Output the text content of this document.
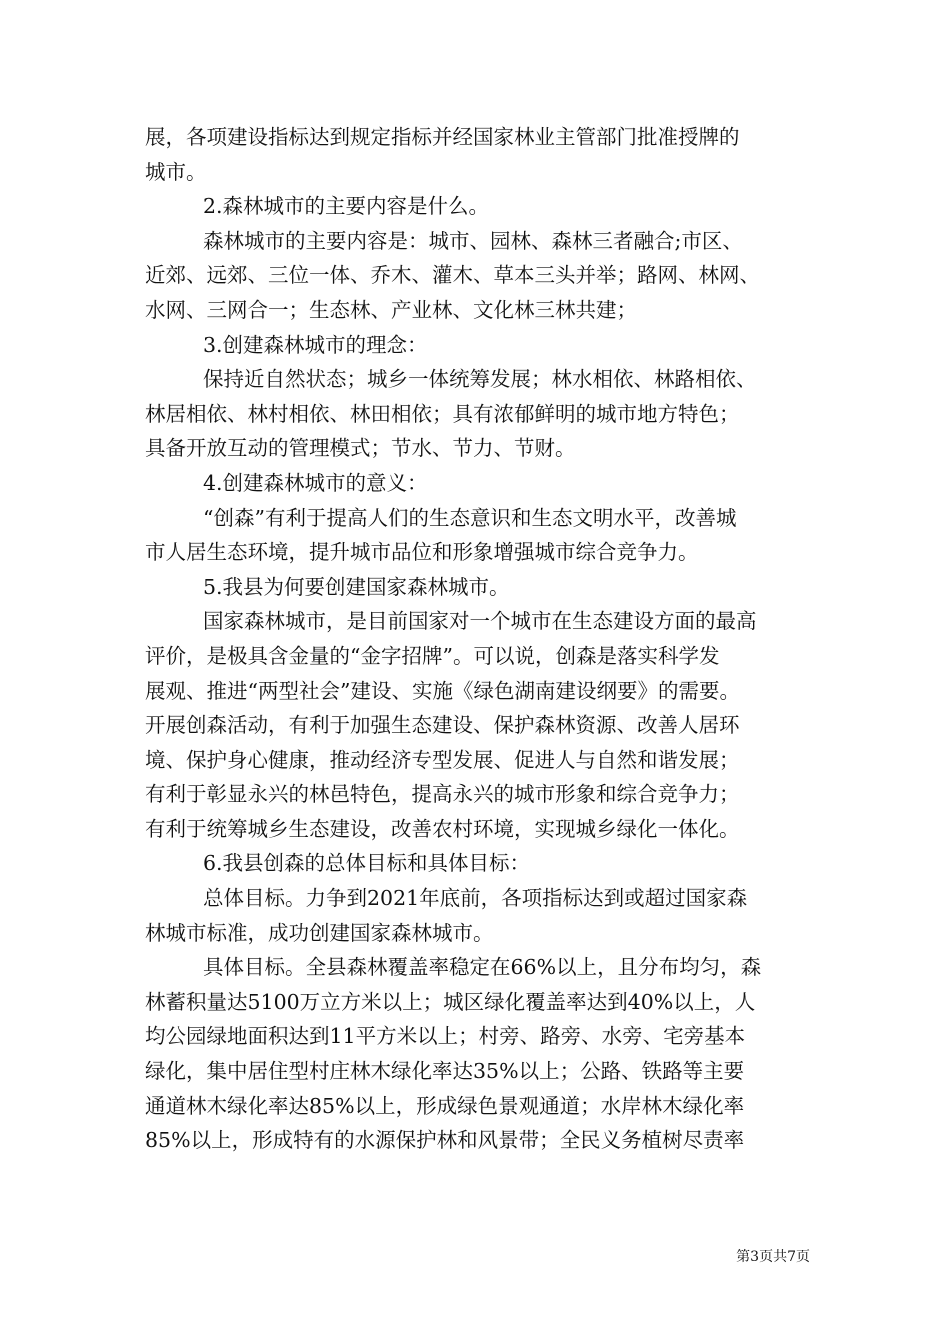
展，各项建设指标达到规定指标并经国家林业主管部门批准授牌的
城市。
2.森林城市的主要内容是什么。
森林城市的主要内容是：城市、园林、森林三者融合;市区、
近郊、远郊、三位一体、乔木、灌木、草本三头并举；路网、林网、
水网、三网合一；生态林、产业林、文化林三林共建；
3.创建森林城市的理念：
保持近自然状态；城乡一体统筹发展；林水相依、林路相依、
林居相依、林村相依、林田相依；具有浓郁鲜明的城市地方特色；
具备开放互动的管理模式；节水、节力、节财。
4.创建森林城市的意义：
“创森”有利于提高人们的生态意识和生态文明水平，改善城
市人居生态环境，提升城市品位和形象增强城市综合竞争力。
5.我县为何要创建国家森林城市。
国家森林城市，是目前国家对一个城市在生态建设方面的最高
评价，是极具含金量的“金字招牌”。可以说，创森是落实科学发
展观、推进“两型社会”建设、实施《绿色湖南建设纲要》的需要。
开展创森活动，有利于加强生态建设、保护森林资源、改善人居环
境、保护身心健康，推动经济专型发展、促进人与自然和谐发展；
有利于彰显永兴的林邑特色，提高永兴的城市形象和综合竞争力；
有利于统筹城乡生态建设，改善农村环境，实现城乡绿化一体化。
6.我县创森的总体目标和具体目标：
总体目标。力争到2021年底前，各项指标达到或超过国家森
林城市标准，成功创建国家森林城市。
具体目标。全县森林覆盖率稳定在66%以上，且分布均匀，森
林蓄积量达5100万立方米以上；城区绿化覆盖率达到40%以上，人
均公园绿地面积达到11平方米以上；村旁、路旁、水旁、宅旁基本
绿化，集中居住型村庄林木绿化率达35%以上；公路、铁路等主要
通道林木绿化率达85%以上，形成绿色景观通道；水岸林木绿化率
85%以上，形成特有的水源保护林和风景带；全民义务植树尽责率
第3页共7页
